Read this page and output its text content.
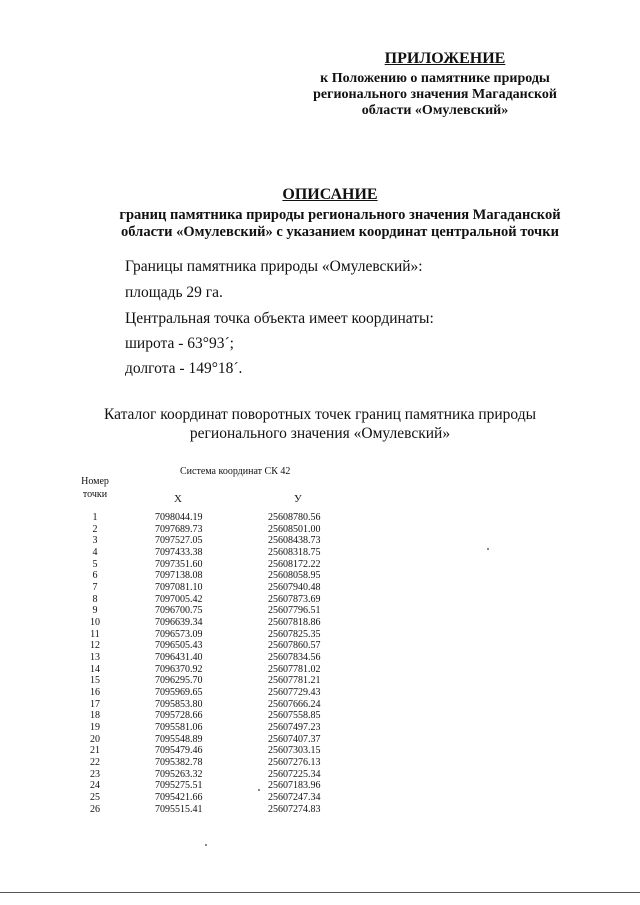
ПРИЛОЖЕНИЕ
к Положению о памятнике природы
регионального значения Магаданской
области «Омулевский»
ОПИСАНИЕ
границ памятника природы регионального значения Магаданской
области «Омулевский» с указанием координат центральной точки
Границы памятника природы «Омулевский»:
площадь 29 га.
Центральная точка объекта имеет координаты:
широта - 63°93´;
долгота - 149°18´.
Каталог координат поворотных точек границ памятника природы
регионального значения «Омулевский»
Номер
точки
Система координат СК 42
X	У
1	7098044.19	25608780.56
2	7097689.73	25608501.00
3	7097527.05	25608438.73
4	7097433.38	25608318.75
5	7097351.60	25608172.22
6	7097138.08	25608058.95
7	7097081.10	25607940.48
8	7097005.42	25607873.69
9	7096700.75	25607796.51
10	7096639.34	25607818.86
11	7096573.09	25607825.35
12	7096505.43	25607860.57
13	7096431.40	25607834.56
14	7096370.92	25607781.02
15	7096295.70	25607781.21
16	7095969.65	25607729.43
17	7095853.80	25607666.24
18	7095728.66	25607558.85
19	7095581.06	25607497.23
20	7095548.89	25607407.37
21	7095479.46	25607303.15
22	7095382.78	25607276.13
23	7095263.32	25607225.34
24	7095275.51	25607183.96
25	7095421.66	25607247.34
26	7095515.41	25607274.83
